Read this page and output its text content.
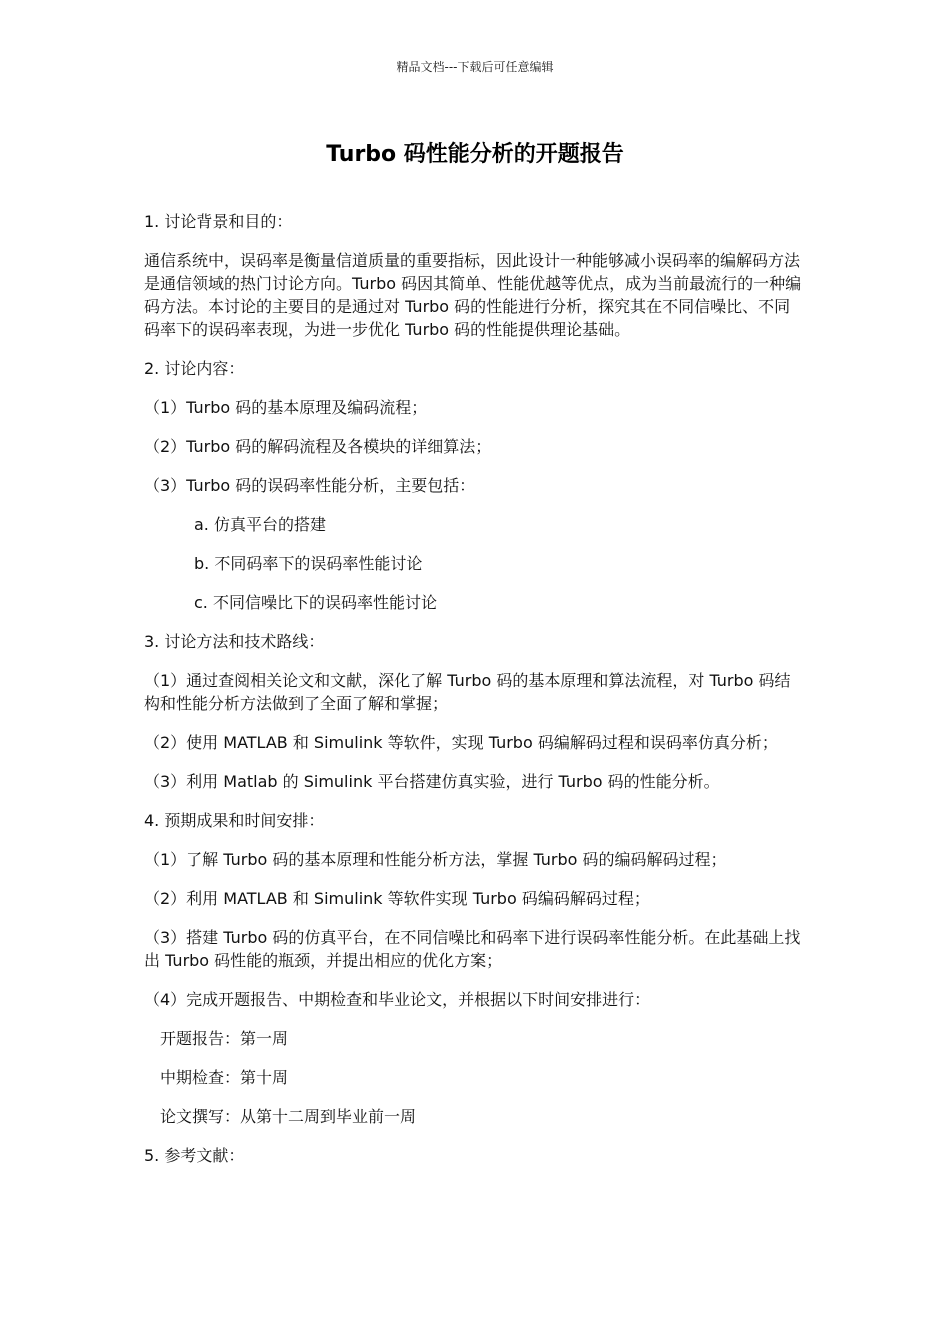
精品文档---下载后可任意编辑
Turbo 码性能分析的开题报告

1. 讨论背景和目的：

通信系统中，误码率是衡量信道质量的重要指标，因此设计一种能够减小误码率的编解码方法是通信领域的热门讨论方向。Turbo 码因其简单、性能优越等优点，成为当前最流行的一种编码方法。本讨论的主要目的是通过对 Turbo 码的性能进行分析，探究其在不同信噪比、不同码率下的误码率表现，为进一步优化 Turbo 码的性能提供理论基础。

2. 讨论内容：

（1）Turbo 码的基本原理及编码流程；

（2）Turbo 码的解码流程及各模块的详细算法；

（3）Turbo 码的误码率性能分析，主要包括：

a. 仿真平台的搭建

b. 不同码率下的误码率性能讨论

c. 不同信噪比下的误码率性能讨论

3. 讨论方法和技术路线：

（1）通过查阅相关论文和文献，深化了解 Turbo 码的基本原理和算法流程，对 Turbo 码结构和性能分析方法做到了全面了解和掌握；

（2）使用 MATLAB 和 Simulink 等软件，实现 Turbo 码编解码过程和误码率仿真分析；

（3）利用 Matlab 的 Simulink 平台搭建仿真实验，进行 Turbo 码的性能分析。

4. 预期成果和时间安排：

（1）了解 Turbo 码的基本原理和性能分析方法，掌握 Turbo 码的编码解码过程；

（2）利用 MATLAB 和 Simulink 等软件实现 Turbo 码编码解码过程；

（3）搭建 Turbo 码的仿真平台，在不同信噪比和码率下进行误码率性能分析。在此基础上找出 Turbo 码性能的瓶颈，并提出相应的优化方案；

（4）完成开题报告、中期检查和毕业论文，并根据以下时间安排进行：

开题报告：第一周

中期检查：第十周

论文撰写：从第十二周到毕业前一周

5. 参考文献：
